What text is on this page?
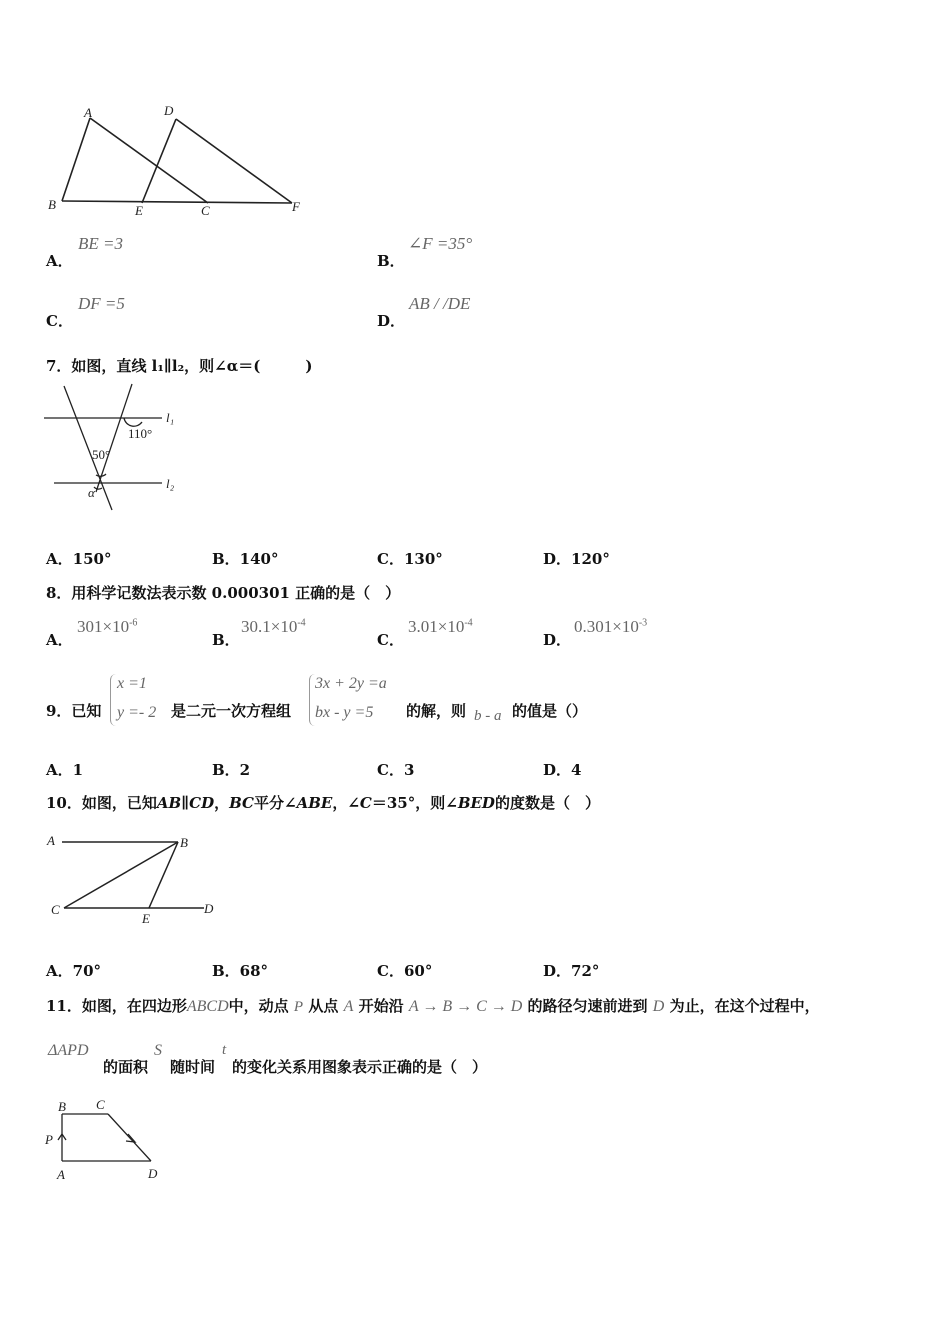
A	D
B	E	C	F
A．
BE =3
B．
∠F =35°
C．
DF =5
D．
AB / /DE
7．如图，直线 l₁∥l₂，则∠α＝(　　　)
l₁
l₂
110°
50°
α
A．150°	B．140°	C．130°	D．120°
8．用科学记数法表示数 0.000301 正确的是（　）
A．
$301\times 10^{-6}$
B．
$30.1\times 10^{-4}$
C．
$3.01\times 10^{-4}$
D．
$0.301\times 10^{-3}$
9．已知
x =1
y =- 2 是二元一次方程组
3x + 2y =a
bx - y =5 的解，则 b - a 的值是（）
A．1	B．2	C．3	D．4
10．如图，已知AB∥CD，BC平分∠ABE，∠C＝35°，则∠BED的度数是（　）
A	B
C
E
D
A．70°	B．68°	C．60°	D．72°
11．如图，在四边形ABCD中，动点 P 从点 A 开始沿 A → B → C → D 的路径匀速前进到 D 为止，在这个过程中，
ΔAPD
的面积
S
随时间
t
的变化关系用图象表示正确的是（　）
B C
P
A	D
